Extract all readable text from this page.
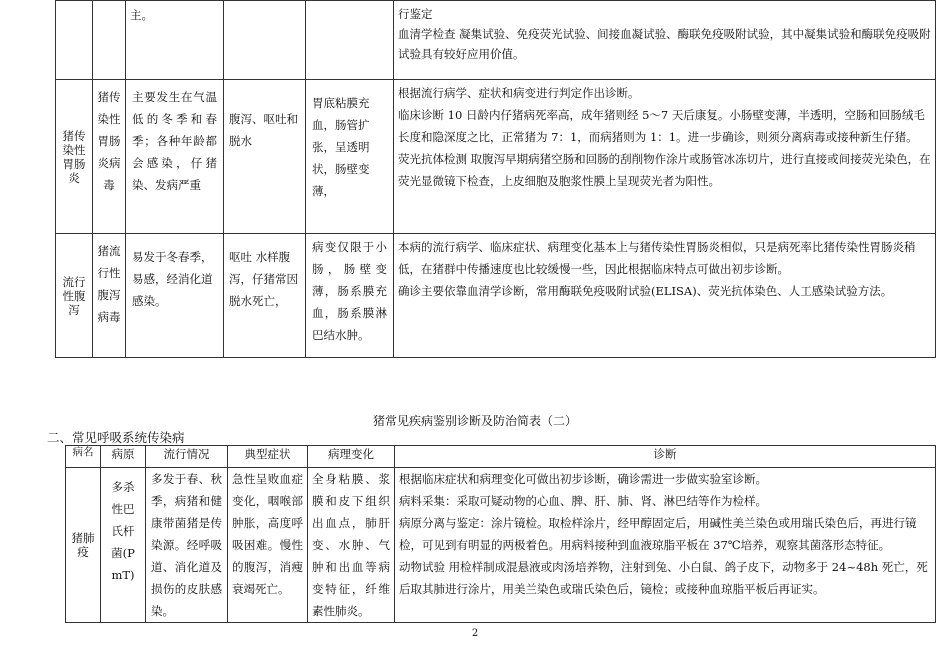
		主。			行鉴定

血清学检查 凝集试验、免疫荧光试验、间接血凝试验、酶联免疫吸附试验，其中凝集试验和酶联免疫吸附试验具有较好应用价值。

猪传染性胃肠炎	猪传染性胃肠炎病毒	主要发生在气温低的冬季和春季；各种年龄都会感染，仔猪染、发病严重	腹泻、呕吐和脱水	胃底粘膜充血，肠管扩张，呈透明状，肠壁变薄，	根据流行病学、症状和病变进行判定作出诊断。

临床诊断 10 日龄内仔猪病死率高，成年猪则经 5～7 天后康复。小肠壁变薄，半透明，空肠和回肠绒毛长度和隐深度之比，正常猪为 7：1，而病猪则为 1：1。进一步确诊，则须分离病毒或接种新生仔猪。

荧光抗体检测 取腹泻早期病猪空肠和回肠的刮削物作涂片或肠管冰冻切片，进行直接或间接荧光染色，在荧光显微镜下检查，上皮细胞及胞浆性膜上呈现荧光者为阳性。

流行性腹泻	猪流行性腹泻病毒	易发于冬春季，易感，经消化道感染。	呕吐 水样腹泻，仔猪常因脱水死亡，	病变仅限于小肠，肠壁变薄，肠系膜充血，肠系膜淋巴结水肿。	本病的流行病学、临床症状、病理变化基本上与猪传染性胃肠炎相似，只是病死率比猪传染性胃肠炎稍低，在猪群中传播速度也比较缓慢一些，因此根据临床特点可做出初步诊断。

确诊主要依靠血清学诊断，常用酶联免疫吸附试验(ELISA)、荧光抗体染色、人工感染试验方法。

猪常见疾病鉴别诊断及防治简表（二）
二、常见呼吸系统传染病
病名	病原	流行情况	典型症状	病理变化	诊断

猪肺疫	多杀性巴氏杆菌(PmT)	多发于春、秋季，病猪和健康带菌猪是传染源。经呼吸道、消化道及损伤的皮肤感染。	急性呈败血症变化，咽喉部肿胀，高度呼吸困难。慢性的腹泻，消瘦衰竭死亡。	全身粘膜、浆膜和皮下组织出血点，肺肝变、水肿、气肿和出血等病变特征，纤维素性肺炎。	根据临床症状和病理变化可做出初步诊断，确诊需进一步做实验室诊断。

病料采集：采取可疑动物的心血、脾、肝、肺、肾、淋巴结等作为检样。

病原分离与鉴定：涂片镜检。取检样涂片，经甲醇固定后，用碱性美兰染色或用瑞氏染色后，再进行镜检，可见到有明显的两极着色。用病料接种到血液琼脂平板在 37℃培养，观察其菌落形态特征。

动物试验 用检样制成混悬液或肉汤培养物，注射到兔、小白鼠、鸽子皮下，动物多于 24~48h 死亡，死后取其肺进行涂片，用美兰染色或瑞氏染色后，镜检；或接种血琼脂平板后再证实。

2
